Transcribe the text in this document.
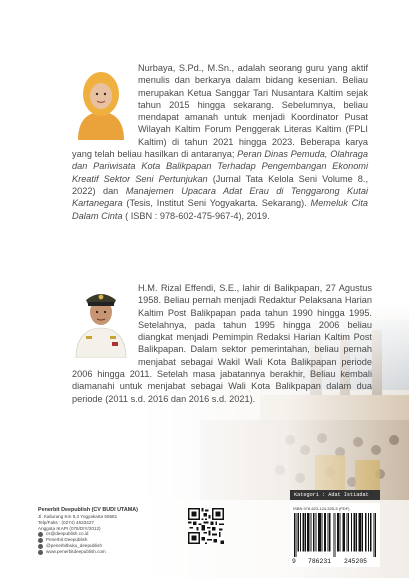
Nurbaya, S.Pd., M.Sn., adalah seorang guru yang aktif menulis dan berkarya dalam bidang kesenian. Beliau merupakan Ketua Sanggar Tari Nusantara Kaltim sejak tahun 2015 hingga sekarang. Sebelumnya, beliau mendapat amanah untuk menjadi Koordinator Pusat Wilayah Kaltim Forum Penggerak Literas Kaltim (FPLI Kaltim) di tahun 2021 hingga 2023. Beberapa karya yang telah beliau hasilkan di antaranya; Peran Dinas Pemuda, Olahraga dan Pariwisata Kota Balikpapan Terhadap Pengembangan Ekonomi Kreatif Sektor Seni Pertunjukan (Jurnal Tata Kelola Seni Volume 8., 2022) dan Manajemen Upacara Adat Erau di Tenggarong Kutai Kartanegara (Tesis, Institut Seni Yogyakarta. Sekarang). Memeluk Cita Dalam Cinta ( ISBN : 978-602-475-967-4), 2019.
H.M. Rizal Effendi, S.E., lahir di Balikpapan, 27 Agustus 1958. Beliau pernah menjadi Redaktur Pelaksana Harian Kaltim Post Balikpapan pada tahun 1990 hingga 1995. Setelahnya, pada tahun 1995 hingga 2006 beliau diangkat menjadi Pemimpin Redaksi Harian Kaltim Post Balikpapan. Dalam sektor pemerintahan, beliau pernah menjabat sebagai Wakil Wali Kota Balikpapan periode 2006 hingga 2011. Setelah masa jabatannya berakhir, Beliau kembali diamanahi untuk menjabat sebagai Wali Kota Balikpapan dalam dua periode (2011 s.d. 2016 dan 2016 s.d. 2021).
Penerbit Deepublish (CV BUDI UTAMA)
Jl. Kaliurang Km 9,3 Yogyakarta 55581
Telp/Faks : (0274) 4533427
Anggota IKAPI (076/DIY/2012)
cs@deepublish.co.id
Penerbit Deepublish
@penerbitbuku_deepublish
www.penerbitdeepublish.com
Kategori : Adat Istiadat
ISBN 978-623-124-525-5 (PDF)
9 786231 245205
